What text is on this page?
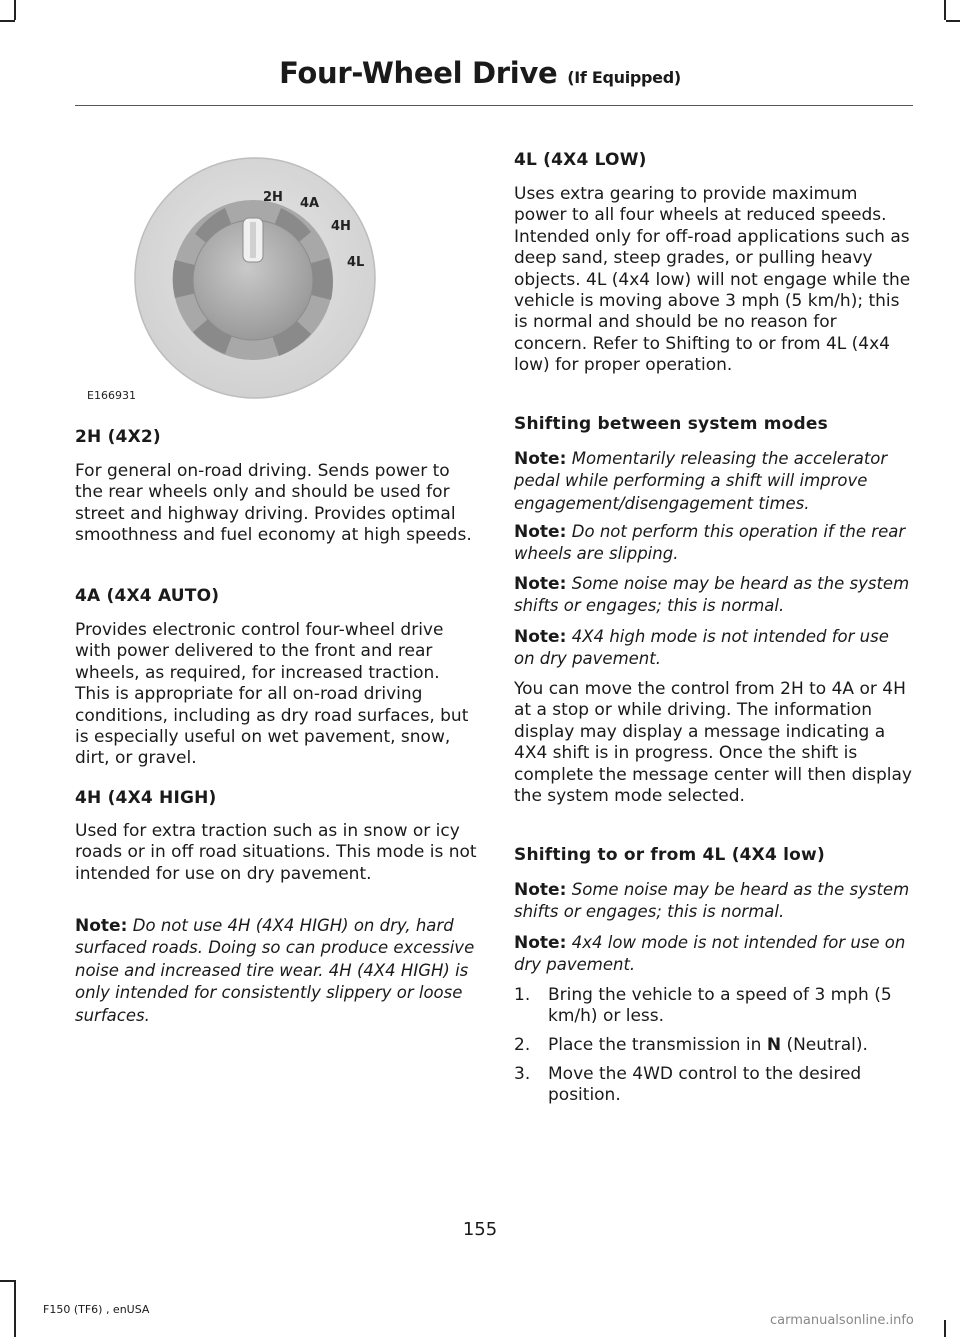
Four-Wheel Drive (If Equipped)
2H 4A
4H
4L
E166931
2H (4X2)

For general on-road driving. Sends power to the rear wheels only and should be used for street and highway driving. Provides optimal smoothness and fuel economy at high speeds.

4A (4X4 AUTO)

Provides electronic control four-wheel drive with power delivered to the front and rear wheels, as required, for increased traction. This is appropriate for all on-road driving conditions, including as dry road surfaces, but is especially useful on wet pavement, snow, dirt, or gravel.

4H (4X4 HIGH)

Used for extra traction such as in snow or icy roads or in off road situations. This mode is not intended for use on dry pavement.

Note: Do not use 4H (4X4 HIGH) on dry, hard surfaced roads. Doing so can produce excessive noise and increased tire wear. 4H (4X4 HIGH) is only intended for consistently slippery or loose surfaces.

4L (4X4 LOW)

Uses extra gearing to provide maximum power to all four wheels at reduced speeds. Intended only for off-road applications such as deep sand, steep grades, or pulling heavy objects. 4L (4x4 low) will not engage while the vehicle is moving above 3 mph (5 km/h); this is normal and should be no reason for concern. Refer to Shifting to or from 4L (4x4 low) for proper operation.

Shifting between system modes

Note: Momentarily releasing the accelerator pedal while performing a shift will improve engagement/disengagement times.

Note: Do not perform this operation if the rear wheels are slipping.

Note: Some noise may be heard as the system shifts or engages; this is normal.

Note: 4X4 high mode is not intended for use on dry pavement.

You can move the control from 2H to 4A or 4H at a stop or while driving. The information display may display a message indicating a 4X4 shift is in progress. Once the shift is complete the message center will then display the system mode selected.

Shifting to or from 4L (4X4 low)

Note: Some noise may be heard as the system shifts or engages; this is normal.

Note: 4x4 low mode is not intended for use on dry pavement.

1. Bring the vehicle to a speed of 3 mph (5 km/h) or less.

2. Place the transmission in N (Neutral).

3. Move the 4WD control to the desired position.

155
F150 (TF6) , enUSA
carmanualsonline.info
